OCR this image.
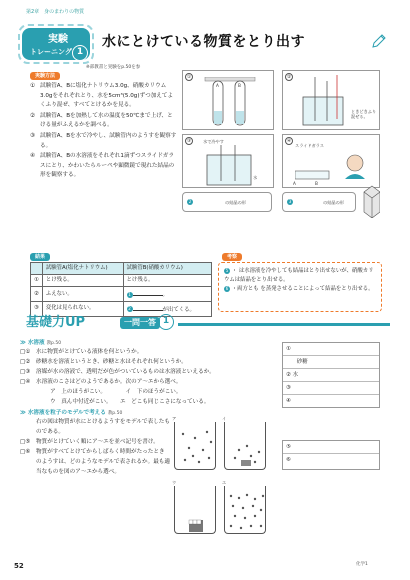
第2章　身のまわりの物質
実験
トレーニング 1
水にとけている物質をとり出す
※部教書と実験をp.50を参
実験方法
① 試験管A、Bに塩化ナトリウム3.0g、硝酸カリウム3.0gをそれぞれとり、水を5cm³(5.0g)ずつ加えてよくふり混ぜ、すべてとけるかを見る。
② 試験管A、Bを加熱して水の温度を50℃まで上げ、とける量がふえるかを調べる。
③ 試験管A、Bを水で冷やし、試験管内のようすを観察する。
④ 試験管A、Bの水溶液をそれぞれ1滴ずつスライドガラスにとり、かわいたらルーペや顕微鏡で現れた結晶の形を観察する。
①
A	B
②
ときどきふり混ぜる。
③	水で冷やす
水
④
スライドガラス
A	B
2	の結晶の形	3	の結晶の形
結果
	試験管A(塩化ナトリウム)	試験管B(硝酸カリウム)
①	とけ残る。	とけ残る。
②	ふえない。	1 。
③	変化は見られない。	2 が出てくる。
考察
5 ・ は水溶液を冷やしても結晶はとり出せないが、硝酸カリウムは結晶をとり出せる。
6 ・両方とも を蒸発させることによって結晶をとり出せる。
基礎力UP	一問一答 1
≫ 水溶液 教p.50
□① 水に物質がとけている液体を何というか。
□② 砂糖水を溶液というとき、砂糖と水はそれぞれ何というか。
□③ 溶媒が水の溶液で、透明だが色がついているものは水溶液といえるか。
□④ 水溶液のこさはどのようであるか。次のア〜エから選べ。
ア　上のほうがこい。　　　　	イ　下のほうがこい。
ウ　真ん中付近がこい。　　 エ　どこも同じこさになっている。
≫ 水溶液を粒子のモデルで考える 教p.50
右の図は物質が水にとけるようすをモデルで表したものである。
□⑤ 物質がとけていく順にア〜エを並べ記号を書け。
□⑥ 物質がすべてとけてからしばらく時間がたったときのようすは、どのようなモデルで表されるか。最も適当なものを図のア〜エから選べ。
ア	イ
ウ	エ
①
　　砂糖
② 水
③
④
⑤
⑥
52	化学1
